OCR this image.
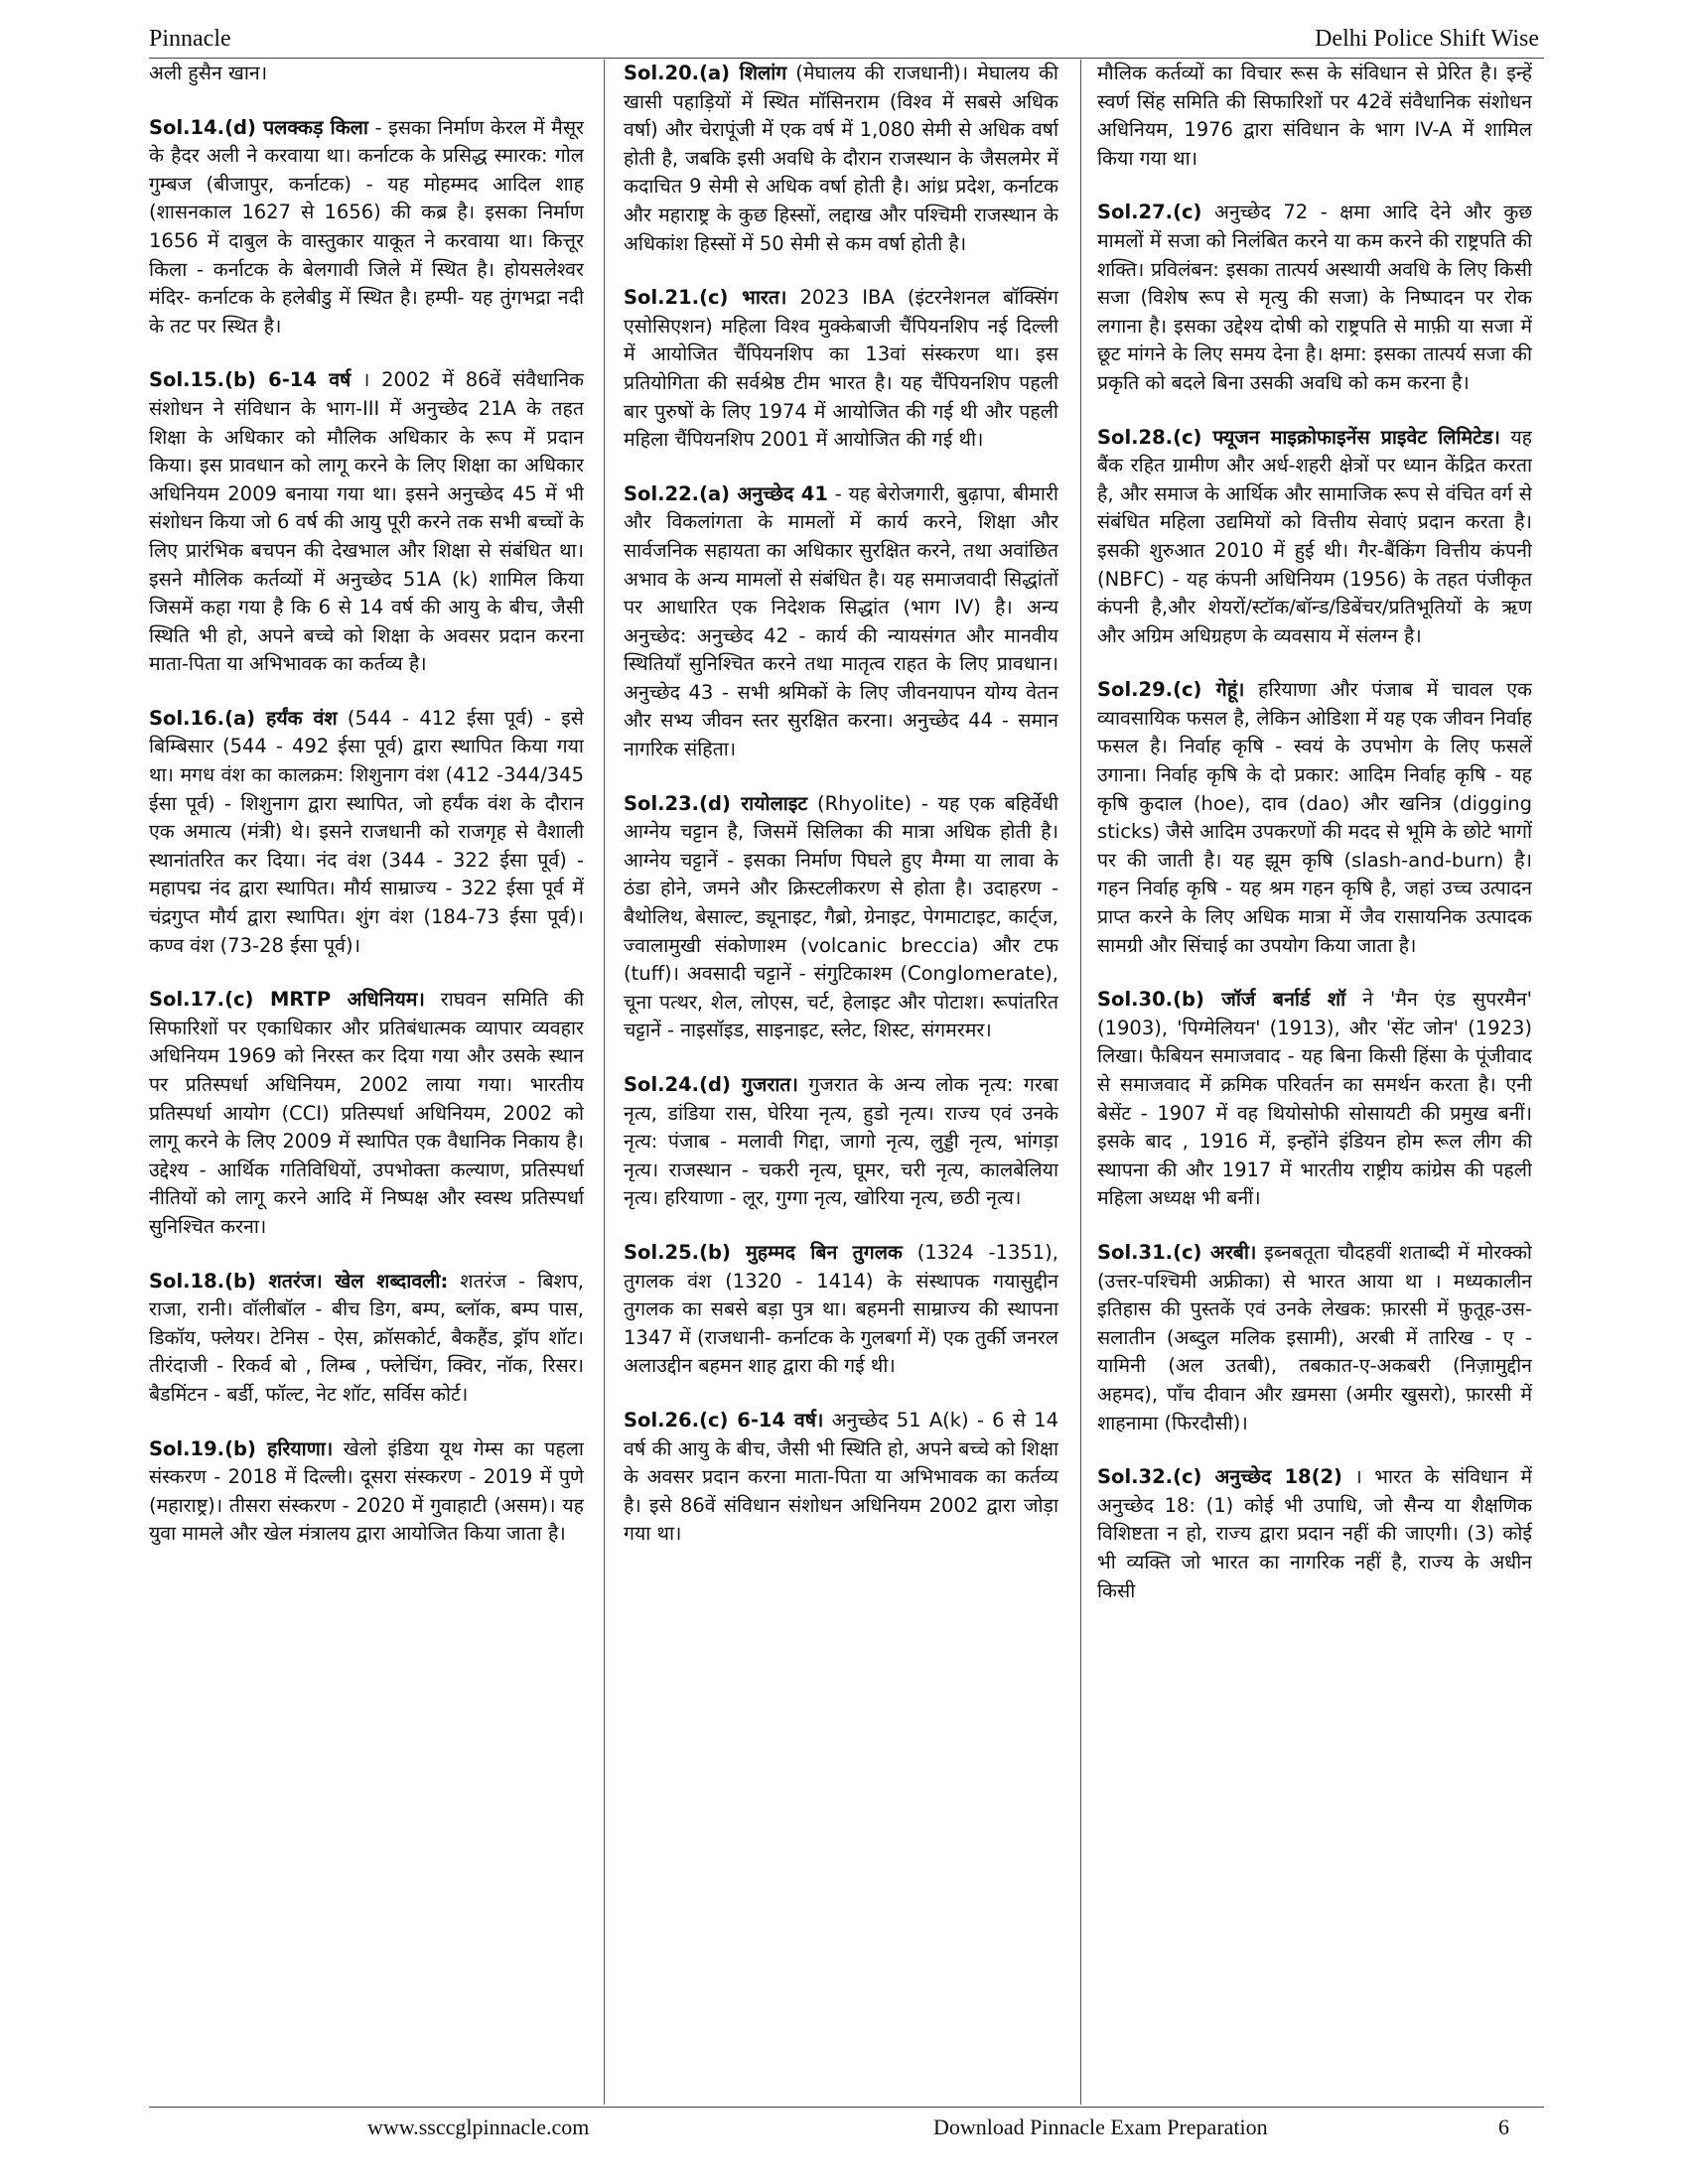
Pinnacle	Delhi Police Shift Wise

अली हुसैन खान।

Sol.14.(d) पलक्कड़ किला - इसका निर्माण केरल में मैसूर के हैदर अली ने करवाया था। कर्नाटक के प्रसिद्ध स्मारक: गोल गुम्बज (बीजापुर, कर्नाटक) - यह मोहम्मद आदिल शाह (शासनकाल 1627 से 1656) की कब्र है। इसका निर्माण 1656 में दाबुल के वास्तुकार याकूत ने करवाया था। कित्तूर किला - कर्नाटक के बेलगावी जिले में स्थित है। होयसलेश्वर मंदिर- कर्नाटक के हलेबीडु में स्थित है। हम्पी- यह तुंगभद्रा नदी के तट पर स्थित है।

Sol.15.(b) 6-14 वर्ष । 2002 में 86वें संवैधानिक संशोधन ने संविधान के भाग-III में अनुच्छेद 21A के तहत शिक्षा के अधिकार को मौलिक अधिकार के रूप में प्रदान किया। इस प्रावधान को लागू करने के लिए शिक्षा का अधिकार अधिनियम 2009 बनाया गया था। इसने अनुच्छेद 45 में भी संशोधन किया जो 6 वर्ष की आयु पूरी करने तक सभी बच्चों के लिए प्रारंभिक बचपन की देखभाल और शिक्षा से संबंधित था। इसने मौलिक कर्तव्यों में अनुच्छेद 51A (k) शामिल किया जिसमें कहा गया है कि 6 से 14 वर्ष की आयु के बीच, जैसी स्थिति भी हो, अपने बच्चे को शिक्षा के अवसर प्रदान करना माता-पिता या अभिभावक का कर्तव्य है।

Sol.16.(a) हर्यंक वंश (544 - 412 ईसा पूर्व) - इसे बिम्बिसार (544 - 492 ईसा पूर्व) द्वारा स्थापित किया गया था। मगध वंश का कालक्रम: शिशुनाग वंश (412 -344/345 ईसा पूर्व) - शिशुनाग द्वारा स्थापित, जो हर्यंक वंश के दौरान एक अमात्य (मंत्री) थे। इसने राजधानी को राजगृह से वैशाली स्थानांतरित कर दिया। नंद वंश (344 - 322 ईसा पूर्व) - महापद्म नंद द्वारा स्थापित। मौर्य साम्राज्य - 322 ईसा पूर्व में चंद्रगुप्त मौर्य द्वारा स्थापित। शुंग वंश (184-73 ईसा पूर्व)। कण्व वंश (73-28 ईसा पूर्व)।

Sol.17.(c) MRTP अधिनियम। राघवन समिति की सिफारिशों पर एकाधिकार और प्रतिबंधात्मक व्यापार व्यवहार अधिनियम 1969 को निरस्त कर दिया गया और उसके स्थान पर प्रतिस्पर्धा अधिनियम, 2002 लाया गया। भारतीय प्रतिस्पर्धा आयोग (CCI) प्रतिस्पर्धा अधिनियम, 2002 को लागू करने के लिए 2009 में स्थापित एक वैधानिक निकाय है। उद्देश्य - आर्थिक गतिविधियों, उपभोक्ता कल्याण, प्रतिस्पर्धा नीतियों को लागू करने आदि में निष्पक्ष और स्वस्थ प्रतिस्पर्धा सुनिश्चित करना।

Sol.18.(b) शतरंज। खेल शब्दावली: शतरंज - बिशप, राजा, रानी। वॉलीबॉल - बीच डिग, बम्प, ब्लॉक, बम्प पास, डिकॉय, फ्लेयर। टेनिस - ऐस, क्रॉसकोर्ट, बैकहैंड, ड्रॉप शॉट। तीरंदाजी - रिकर्व बो , लिम्ब , फ्लेचिंग, क्विर, नॉक, रिसर। बैडमिंटन - बर्डी, फॉल्ट, नेट शॉट, सर्विस कोर्ट।

Sol.19.(b) हरियाणा। खेलो इंडिया यूथ गेम्स का पहला संस्करण - 2018 में दिल्ली। दूसरा संस्करण - 2019 में पुणे (महाराष्ट्र)। तीसरा संस्करण - 2020 में गुवाहाटी (असम)। यह युवा मामले और खेल मंत्रालय द्वारा आयोजित किया जाता है।

Sol.20.(a) शिलांग (मेघालय की राजधानी)। मेघालय की खासी पहाड़ियों में स्थित मॉसिनराम (विश्व में सबसे अधिक वर्षा) और चेरापूंजी में एक वर्ष में 1,080 सेमी से अधिक वर्षा होती है, जबकि इसी अवधि के दौरान राजस्थान के जैसलमेर में कदाचित 9 सेमी से अधिक वर्षा होती है। आंध्र प्रदेश, कर्नाटक और महाराष्ट्र के कुछ हिस्सों, लद्दाख और पश्चिमी राजस्थान के अधिकांश हिस्सों में 50 सेमी से कम वर्षा होती है।

Sol.21.(c) भारत। 2023 IBA (इंटरनेशनल बॉक्सिंग एसोसिएशन) महिला विश्व मुक्केबाजी चैंपियनशिप नई दिल्ली में आयोजित चैंपियनशिप का 13वां संस्करण था। इस प्रतियोगिता की सर्वश्रेष्ठ टीम भारत है। यह चैंपियनशिप पहली बार पुरुषों के लिए 1974 में आयोजित की गई थी और पहली महिला चैंपियनशिप 2001 में आयोजित की गई थी।

Sol.22.(a) अनुच्छेद 41 - यह बेरोजगारी, बुढ़ापा, बीमारी और विकलांगता के मामलों में कार्य करने, शिक्षा और सार्वजनिक सहायता का अधिकार सुरक्षित करने, तथा अवांछित अभाव के अन्य मामलों से संबंधित है। यह समाजवादी सिद्धांतों पर आधारित एक निदेशक सिद्धांत (भाग IV) है। अन्य अनुच्छेद: अनुच्छेद 42 - कार्य की न्यायसंगत और मानवीय स्थितियाँ सुनिश्चित करने तथा मातृत्व राहत के लिए प्रावधान। अनुच्छेद 43 - सभी श्रमिकों के लिए जीवनयापन योग्य वेतन और सभ्य जीवन स्तर सुरक्षित करना। अनुच्छेद 44 - समान नागरिक संहिता।

Sol.23.(d) रायोलाइट (Rhyolite) - यह एक बहिर्वेधी आग्नेय चट्टान है, जिसमें सिलिका की मात्रा अधिक होती है। आग्नेय चट्टानें - इसका निर्माण पिघले हुए मैग्मा या लावा के ठंडा होने, जमने और क्रिस्टलीकरण से होता है। उदाहरण - बैथोलिथ, बेसाल्ट, ड्यूनाइट, गैब्रो, ग्रेनाइट, पेगमाटाइट, कार्ट्ज, ज्वालामुखी संकोणाश्म (volcanic breccia) और टफ (tuff)। अवसादी चट्टानें - संगुटिकाश्म (Conglomerate), चूना पत्थर, शेल, लोएस, चर्ट, हेलाइट और पोटाश। रूपांतरित चट्टानें - नाइसॉइड, साइनाइट, स्लेट, शिस्ट, संगमरमर।

Sol.24.(d) गुजरात। गुजरात के अन्य लोक नृत्य: गरबा नृत्य, डांडिया रास, घेरिया नृत्य, हुडो नृत्य। राज्य एवं उनके नृत्य: पंजाब - मलावी गिद्दा, जागो नृत्य, लुड्डी नृत्य, भांगड़ा नृत्य। राजस्थान - चकरी नृत्य, घूमर, चरी नृत्य, कालबेलिया नृत्य। हरियाणा - लूर, गुग्गा नृत्य, खोरिया नृत्य, छठी नृत्य।

Sol.25.(b) मुहम्मद बिन तुगलक (1324 -1351), तुगलक वंश (1320 - 1414) के संस्थापक गयासुद्दीन तुगलक का सबसे बड़ा पुत्र था। बहमनी साम्राज्य की स्थापना 1347 में (राजधानी- कर्नाटक के गुलबर्गा में) एक तुर्की जनरल अलाउद्दीन बहमन शाह द्वारा की गई थी।

Sol.26.(c) 6-14 वर्ष। अनुच्छेद 51 A(k) - 6 से 14 वर्ष की आयु के बीच, जैसी भी स्थिति हो, अपने बच्चे को शिक्षा के अवसर प्रदान करना माता-पिता या अभिभावक का कर्तव्य है। इसे 86वें संविधान संशोधन अधिनियम 2002 द्वारा जोड़ा गया था।

मौलिक कर्तव्यों का विचार रूस के संविधान से प्रेरित है। इन्हें स्वर्ण सिंह समिति की सिफारिशों पर 42वें संवैधानिक संशोधन अधिनियम, 1976 द्वारा संविधान के भाग IV-A में शामिल किया गया था।

Sol.27.(c) अनुच्छेद 72 - क्षमा आदि देने और कुछ मामलों में सजा को निलंबित करने या कम करने की राष्ट्रपति की शक्ति। प्रविलंबन: इसका तात्पर्य अस्थायी अवधि के लिए किसी सजा (विशेष रूप से मृत्यु की सजा) के निष्पादन पर रोक लगाना है। इसका उद्देश्य दोषी को राष्ट्रपति से माफ़ी या सजा में छूट मांगने के लिए समय देना है। क्षमा: इसका तात्पर्य सजा की प्रकृति को बदले बिना उसकी अवधि को कम करना है।

Sol.28.(c) फ्यूजन माइक्रोफाइनेंस प्राइवेट लिमिटेड। यह बैंक रहित ग्रामीण और अर्ध-शहरी क्षेत्रों पर ध्यान केंद्रित करता है, और समाज के आर्थिक और सामाजिक रूप से वंचित वर्ग से संबंधित महिला उद्यमियों को वित्तीय सेवाएं प्रदान करता है। इसकी शुरुआत 2010 में हुई थी। गैर-बैंकिंग वित्तीय कंपनी (NBFC) - यह कंपनी अधिनियम (1956) के तहत पंजीकृत कंपनी है,और शेयरों/स्टॉक/बॉन्ड/डिबेंचर/प्रतिभूतियों के ऋण और अग्रिम अधिग्रहण के व्यवसाय में संलग्न है।

Sol.29.(c) गेहूं। हरियाणा और पंजाब में चावल एक व्यावसायिक फसल है, लेकिन ओडिशा में यह एक जीवन निर्वाह फसल है। निर्वाह कृषि - स्वयं के उपभोग के लिए फसलें उगाना। निर्वाह कृषि के दो प्रकार: आदिम निर्वाह कृषि - यह कृषि कुदाल (hoe), दाव (dao) और खनित्र (digging sticks) जैसे आदिम उपकरणों की मदद से भूमि के छोटे भागों पर की जाती है। यह झूम कृषि (slash-and-burn) है। गहन निर्वाह कृषि - यह श्रम गहन कृषि है, जहां उच्च उत्पादन प्राप्त करने के लिए अधिक मात्रा में जैव रासायनिक उत्पादक सामग्री और सिंचाई का उपयोग किया जाता है।

Sol.30.(b) जॉर्ज बर्नार्ड शॉ ने 'मैन एंड सुपरमैन' (1903), 'पिग्मेलियन' (1913), और 'सेंट जोन' (1923) लिखा। फैबियन समाजवाद - यह बिना किसी हिंसा के पूंजीवाद से समाजवाद में क्रमिक परिवर्तन का समर्थन करता है। एनी बेसेंट - 1907 में वह थियोसोफी सोसायटी की प्रमुख बनीं। इसके बाद , 1916 में, इन्होंने इंडियन होम रूल लीग की स्थापना की और 1917 में भारतीय राष्ट्रीय कांग्रेस की पहली महिला अध्यक्ष भी बनीं।

Sol.31.(c) अरबी। इब्नबतूता चौदहवीं शताब्दी में मोरक्को (उत्तर-पश्चिमी अफ्रीका) से भारत आया था । मध्यकालीन इतिहास की पुस्तकें एवं उनके लेखक: फ़ारसी में फ़ुतूह-उस-सलातीन (अब्दुल मलिक इसामी), अरबी में तारिख - ए - यामिनी (अल उतबी), तबकात-ए-अकबरी (निज़ामुद्दीन अहमद), पाँच दीवान और ख़मसा (अमीर खुसरो), फ़ारसी में शाहनामा (फिरदौसी)।

Sol.32.(c) अनुच्छेद 18(2) । भारत के संविधान में अनुच्छेद 18: (1) कोई भी उपाधि, जो सैन्य या शैक्षणिक विशिष्टता न हो, राज्य द्वारा प्रदान नहीं की जाएगी। (3) कोई भी व्यक्ति जो भारत का नागरिक नहीं है, राज्य के अधीन किसी

www.ssccglpinnacle.com	Download Pinnacle Exam Preparation	6
